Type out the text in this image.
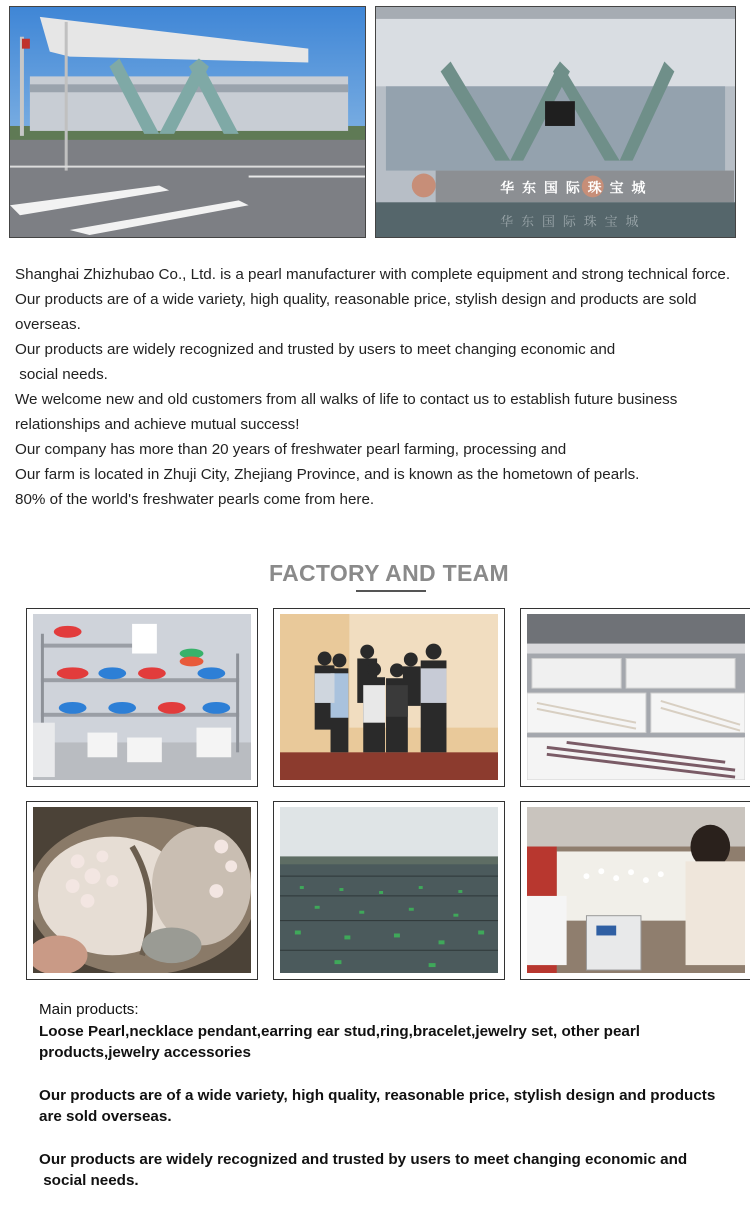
华东国际珠宝城
华东国际珠宝城

Shanghai Zhizhubao Co., Ltd. is a pearl manufacturer with complete equipment and strong technical force.

Our products are of a wide variety, high quality, reasonable price, stylish design and products are sold overseas.

Our products are widely recognized and trusted by users to meet changing economic and
social needs.

We welcome new and old customers from all walks of life to contact us to establish future business relationships and achieve mutual success!

Our company has more than 20 years of freshwater pearl farming, processing and

Our farm is located in Zhuji City, Zhejiang Province, and is known as the hometown of pearls.

80% of the world's freshwater pearls come from here.

FACTORY AND TEAM

Main products:

Loose Pearl,necklace pendant,earring ear stud,ring,bracelet,jewelry set, other pearl products,jewelry accessories

Our products are of a wide variety, high quality, reasonable price, stylish design and products are sold overseas.

Our products are widely recognized and trusted by users to meet changing economic and
social needs.
